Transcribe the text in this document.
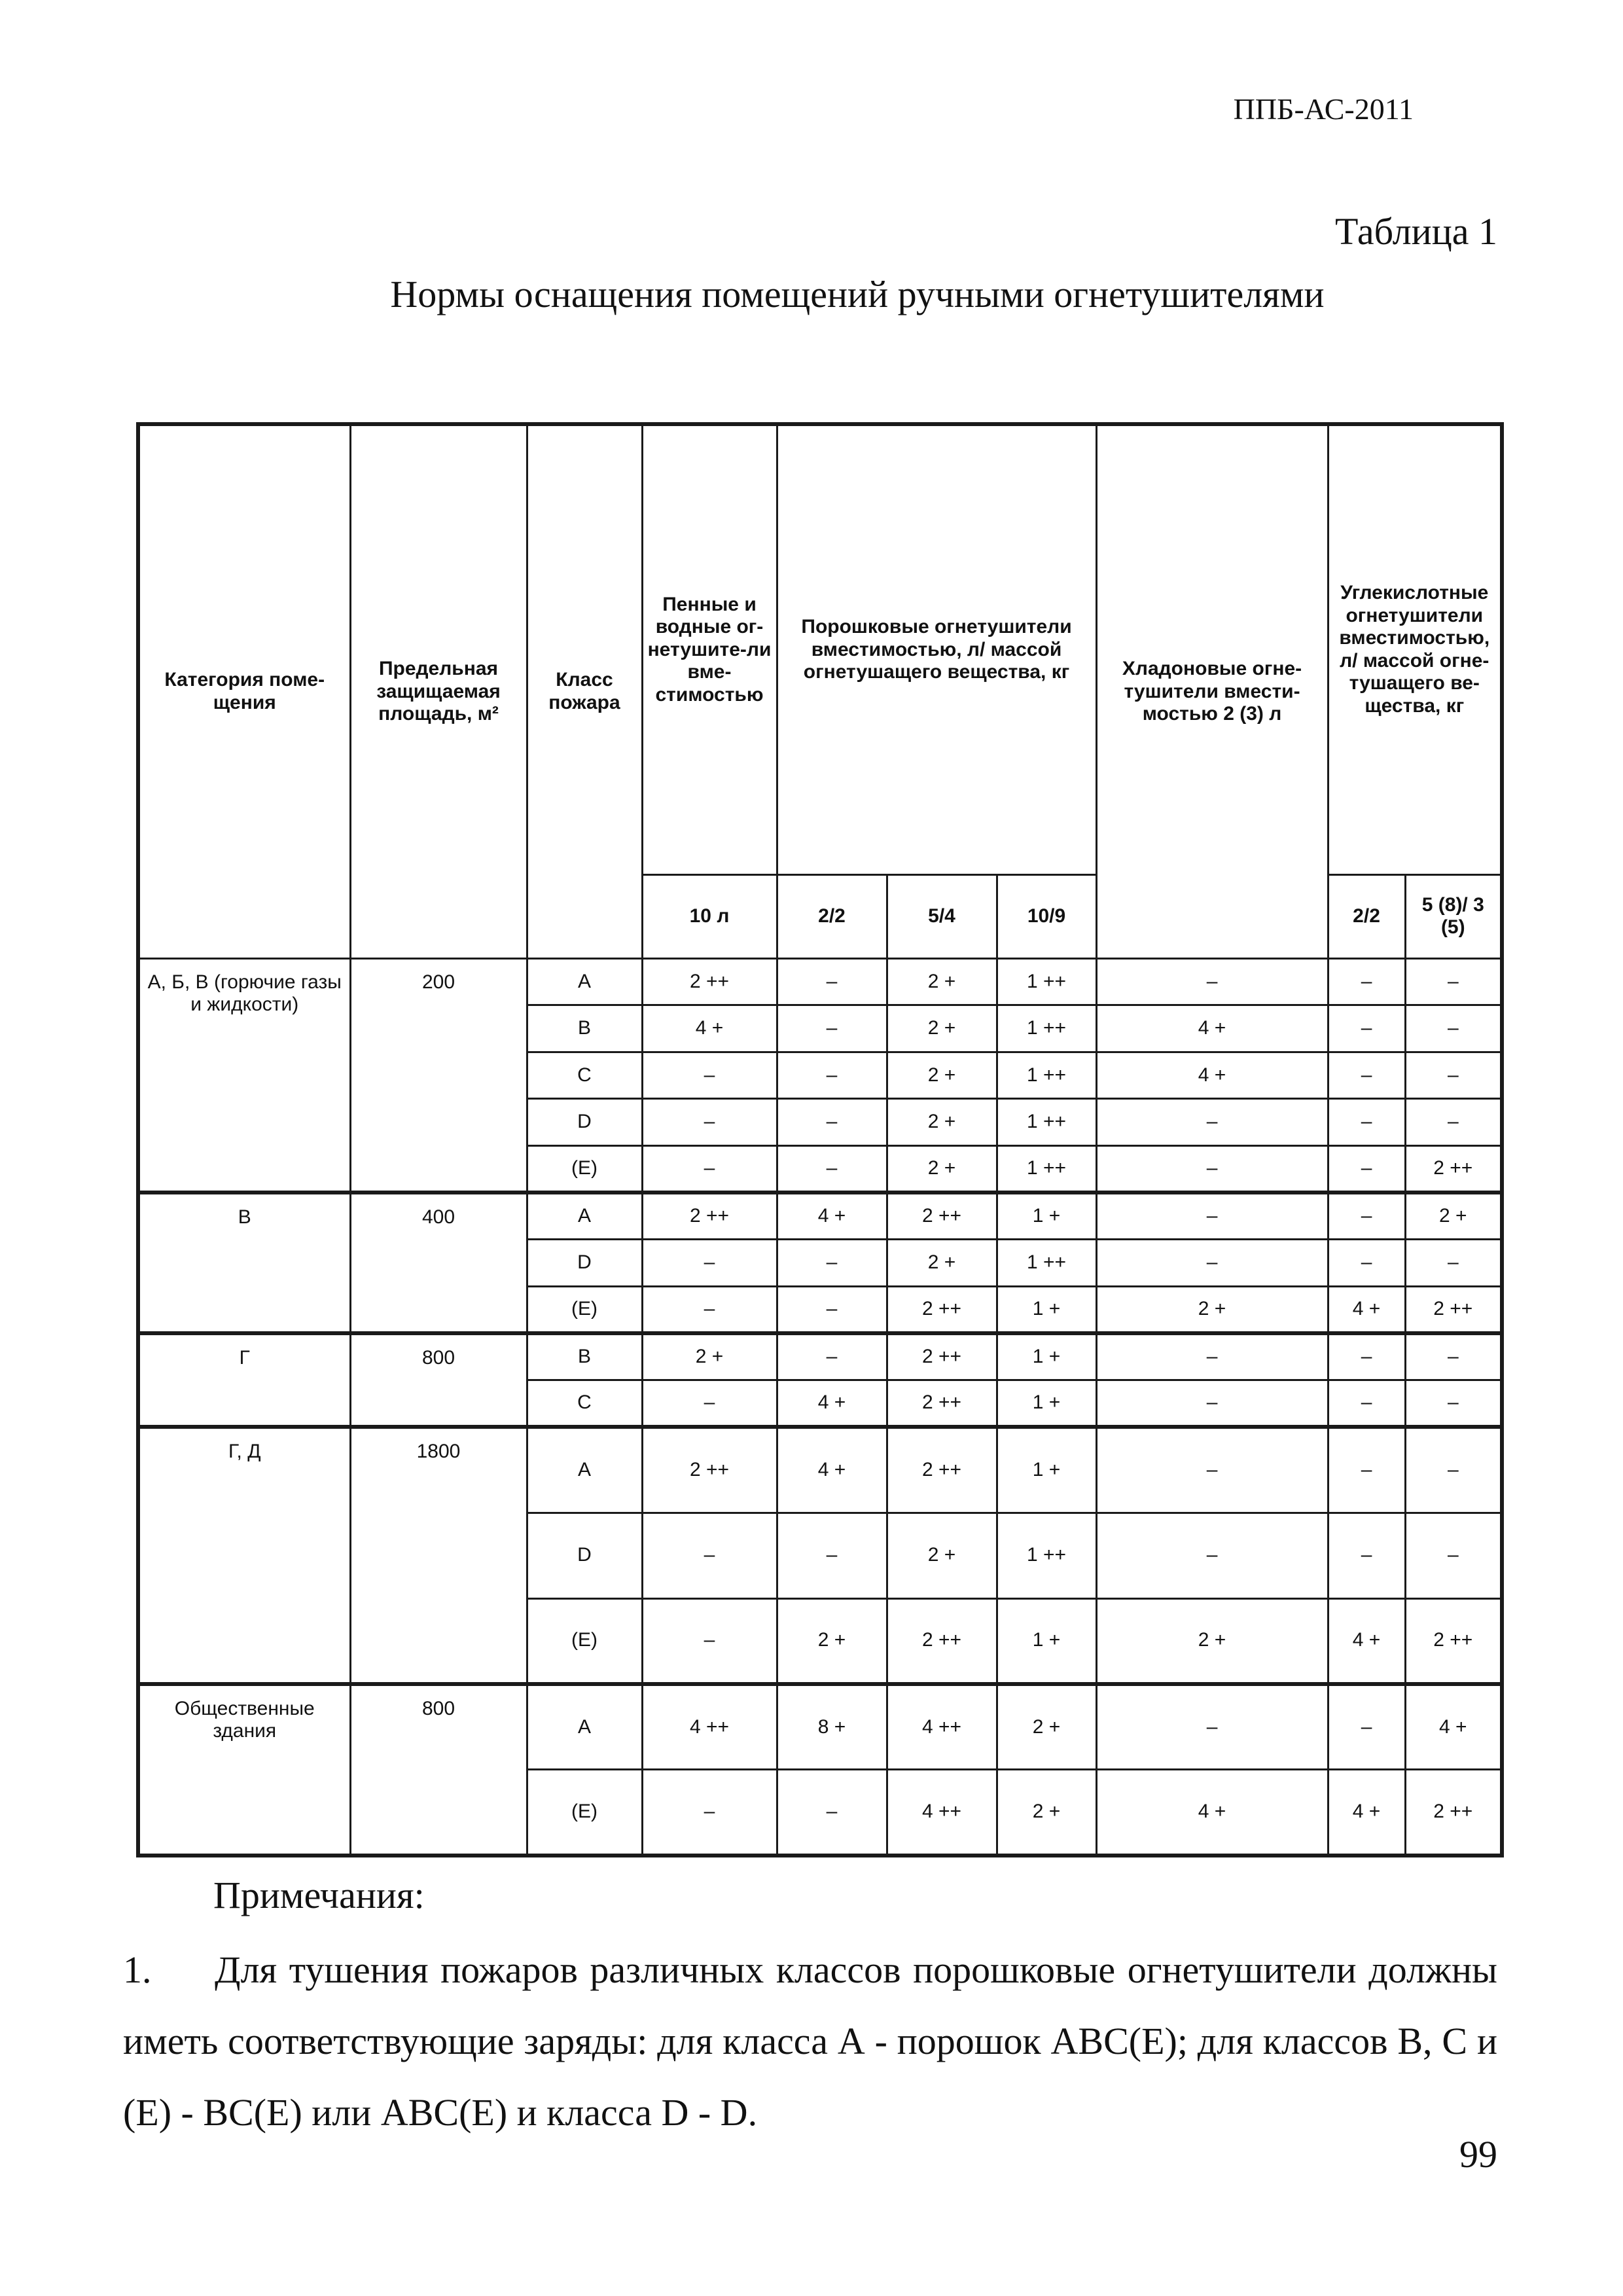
ППБ-АС-2011
Таблица 1
Нормы оснащения помещений ручными огнетушителями
Категория поме-щения	Предельная защищаемая площадь, м²	Класс пожара	Пенные и водные ог-нетушите-ли вме-стимостью	Порошковые огнетушители вместимостью, л/ массой огнетушащего вещества, кг			Хладоновые огне-тушители вмести-мостью 2 (3) л	Углекислотные огнетушители вместимостью, л/ массой огне-тушащего ве-щества, кг	
			10 л	2/2	5/4	10/9		2/2	5 (8)/ 3 (5)
А, Б, В (горючие газы и жидкости)	200	А	2 ++	–	2 +	1 ++	–	–	–
		В	4 +	–	2 +	1 ++	4 +	–	–
		С	–	–	2 +	1 ++	4 +	–	–
		D	–	–	2 +	1 ++	–	–	–
		(Е)	–	–	2 +	1 ++	–	–	2 ++
В	400	А	2 ++	4 +	2 ++	1 +	–	–	2 +
		D	–	–	2 +	1 ++	–	–	–
		(Е)	–	–	2 ++	1 +	2 +	4 +	2 ++
Г	800	В	2 +	–	2 ++	1 +	–	–	–
		С	–	4 +	2 ++	1 +	–	–	–
Г, Д	1800	А	2 ++	4 +	2 ++	1 +	–	–	–
		D	–	–	2 +	1 ++	–	–	–
		(Е)	–	2 +	2 ++	1 +	2 +	4 +	2 ++
Общественные здания	800	А	4 ++	8 +	4 ++	2 +	–	–	4 +
		(Е)	–	–	4 ++	2 +	4 +	4 +	2 ++
Примечания:
1. Для тушения пожаров различных классов порошковые огнетушители должны иметь соответствующие заряды: для класса А - порошок АВС(Е); для классов В, С и (Е) - ВС(Е) или АВС(Е) и класса D - D.
99
